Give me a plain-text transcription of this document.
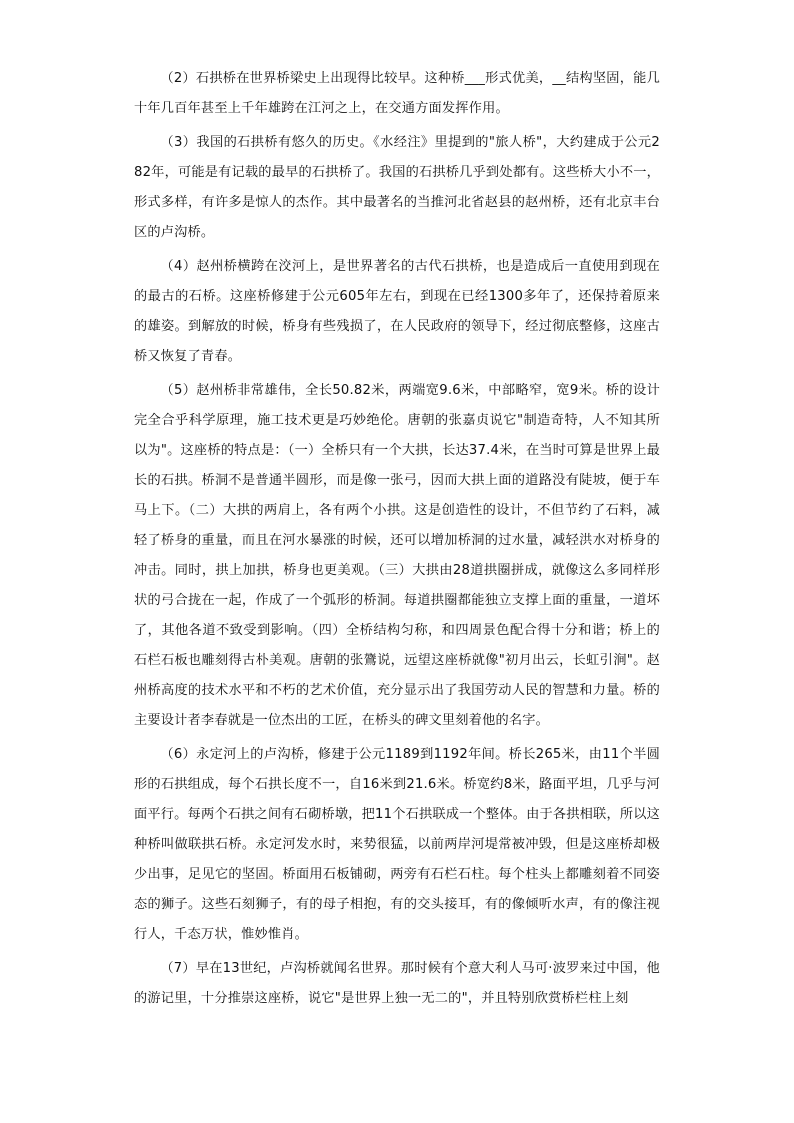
（2）石拱桥在世界桥梁史上出现得比较早。这种桥___形式优美，__结构坚固，能几十年几百年甚至上千年雄跨在江河之上，在交通方面发挥作用。

（3）我国的石拱桥有悠久的历史。《水经注》里提到的"旅人桥"，大约建成于公元282年，可能是有记载的最早的石拱桥了。我国的石拱桥几乎到处都有。这些桥大小不一，形式多样，有许多是惊人的杰作。其中最著名的当推河北省赵县的赵州桥，还有北京丰台区的卢沟桥。

（4）赵州桥横跨在洨河上，是世界著名的古代石拱桥，也是造成后一直使用到现在的最古的石桥。这座桥修建于公元605年左右，到现在已经1300多年了，还保持着原来的雄姿。到解放的时候，桥身有些残损了，在人民政府的领导下，经过彻底整修，这座古桥又恢复了青春。

（5）赵州桥非常雄伟，全长50.82米，两端宽9.6米，中部略窄，宽9米。桥的设计完全合乎科学原理，施工技术更是巧妙绝伦。唐朝的张嘉贞说它"制造奇特，人不知其所以为"。这座桥的特点是：（一）全桥只有一个大拱，长达37.4米，在当时可算是世界上最长的石拱。桥洞不是普通半圆形，而是像一张弓，因而大拱上面的道路没有陡坡，便于车马上下。（二）大拱的两肩上，各有两个小拱。这是创造性的设计，不但节约了石料，减轻了桥身的重量，而且在河水暴涨的时候，还可以增加桥洞的过水量，减轻洪水对桥身的冲击。同时，拱上加拱，桥身也更美观。（三）大拱由28道拱圈拼成，就像这么多同样形状的弓合拢在一起，作成了一个弧形的桥洞。每道拱圈都能独立支撑上面的重量，一道坏了，其他各道不致受到影响。（四）全桥结构匀称，和四周景色配合得十分和谐；桥上的石栏石板也雕刻得古朴美观。唐朝的张鷟说，远望这座桥就像"初月出云，长虹引涧"。赵州桥高度的技术水平和不朽的艺术价值，充分显示出了我国劳动人民的智慧和力量。桥的主要设计者李春就是一位杰出的工匠，在桥头的碑文里刻着他的名字。

（6）永定河上的卢沟桥，修建于公元1189到1192年间。桥长265米，由11个半圆形的石拱组成，每个石拱长度不一，自16米到21.6米。桥宽约8米，路面平坦，几乎与河面平行。每两个石拱之间有石砌桥墩，把11个石拱联成一个整体。由于各拱相联，所以这种桥叫做联拱石桥。永定河发水时，来势很猛，以前两岸河堤常被冲毁，但是这座桥却极少出事，足见它的坚固。桥面用石板铺砌，两旁有石栏石柱。每个柱头上都雕刻着不同姿态的狮子。这些石刻狮子，有的母子相抱，有的交头接耳，有的像倾听水声，有的像注视行人，千态万状，惟妙惟肖。

（7）早在13世纪，卢沟桥就闻名世界。那时候有个意大利人马可·波罗来过中国，他的游记里，十分推崇这座桥，说它"是世界上独一无二的"，并且特别欣赏桥栏柱上刻
